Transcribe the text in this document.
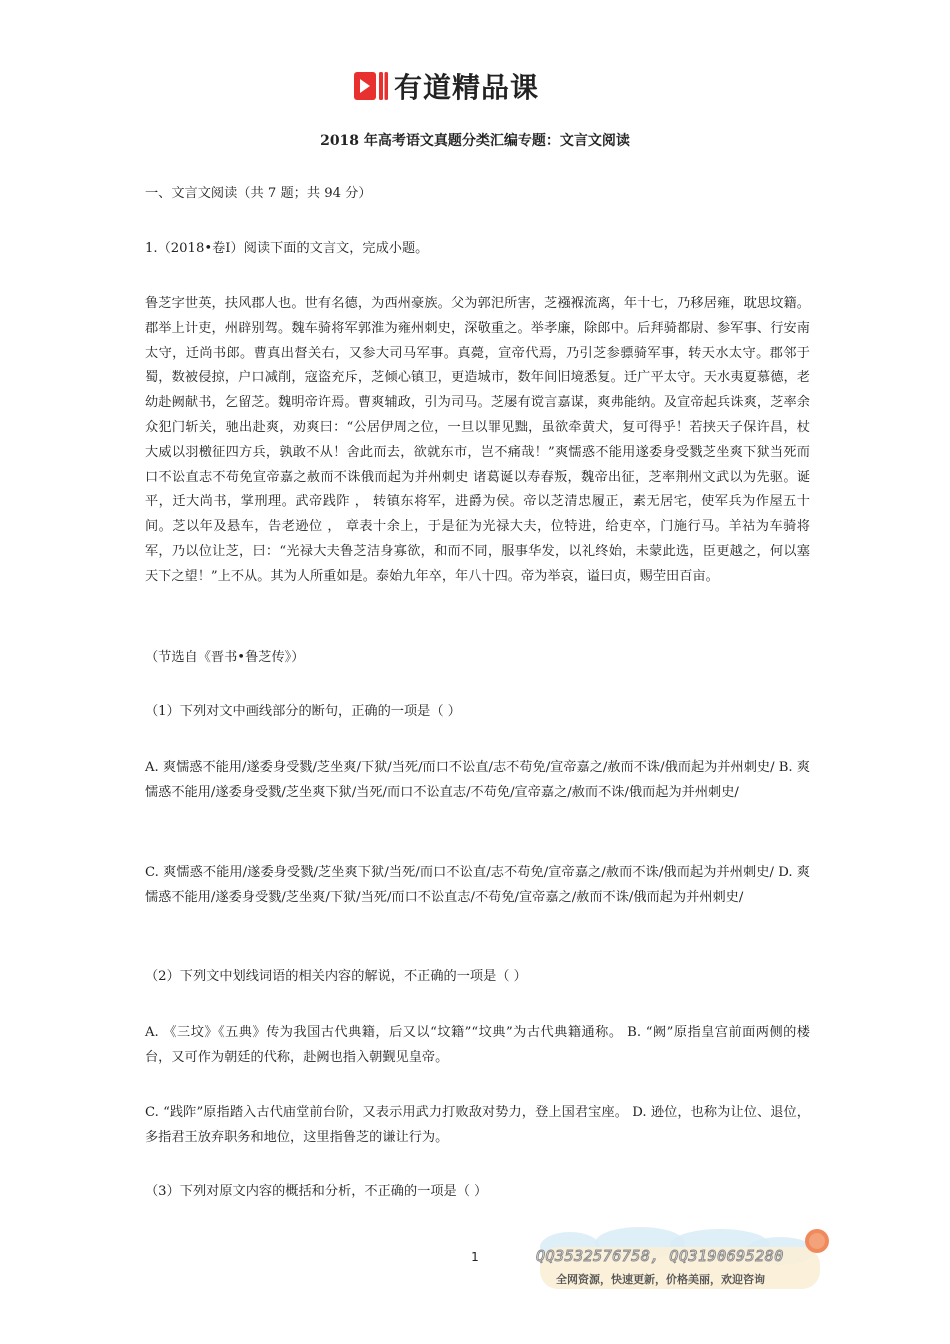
有道精品课
2018 年高考语文真题分类汇编专题：文言文阅读
一、文言文阅读（共 7 题；共 94 分）
1.（2018•卷Ⅰ）阅读下面的文言文，完成小题。
鲁芝字世英，扶风郡人也。世有名德，为西州豪族。父为郭汜所害，芝襁褓流离，年十七，乃移居雍，耽思坟籍。郡举上计吏，州辟别驾。魏车骑将军郭淮为雍州刺史，深敬重之。举孝廉，除郎中。后拜骑都尉、参军事、行安南太守，迁尚书郎。曹真出督关右，又参大司马军事。真薨，宣帝代焉，乃引芝参骠骑军事，转天水太守。郡邻于蜀，数被侵掠，户口减削，寇盗充斥，芝倾心镇卫，更造城市，数年间旧境悉复。迁广平太守。天水夷夏慕德，老幼赴阙献书，乞留芝。魏明帝许焉。曹爽辅政，引为司马。芝屡有谠言嘉谋，爽弗能纳。及宣帝起兵诛爽，芝率余众犯门斩关，驰出赴爽，劝爽曰：“公居伊周之位，一旦以罪见黜，虽欲牵黄犬，复可得乎！若挟天子保许昌，杖大威以羽檄征四方兵，孰敢不从！舍此而去，欲就东市，岂不痛哉！”爽懦惑不能用遂委身受戮芝坐爽下狱当死而口不讼直志不苟免宣帝嘉之赦而不诛俄而起为并州刺史 诸葛诞以寿春叛，魏帝出征，芝率荆州文武以为先驱。诞平，迁大尚书，掌刑理。武帝践阼 ， 转镇东将军，进爵为侯。帝以芝清忠履正，素无居宅，使军兵为作屋五十间。芝以年及悬车，告老逊位 ， 章表十余上，于是征为光禄大夫，位特进，给吏卒，门施行马。羊祜为车骑将军，乃以位让芝，曰：“光禄大夫鲁芝洁身寡欲，和而不同，服事华发，以礼终始，未蒙此选，臣更越之，何以塞天下之望！”上不从。其为人所重如是。泰始九年卒，年八十四。帝为举哀，谥曰贞，赐茔田百亩。
（节选自《晋书•鲁芝传》）
（1）下列对文中画线部分的断句，正确的一项是（ ）
A. 爽懦惑不能用/遂委身受戮/芝坐爽/下狱/当死/而口不讼直/志不苟免/宣帝嘉之/赦而不诛/俄而起为并州刺史/ B. 爽懦惑不能用/遂委身受戮/芝坐爽下狱/当死/而口不讼直志/不苟免/宣帝嘉之/赦而不诛/俄而起为并州刺史/
C. 爽懦惑不能用/遂委身受戮/芝坐爽下狱/当死/而口不讼直/志不苟免/宣帝嘉之/赦而不诛/俄而起为并州刺史/ D. 爽懦惑不能用/遂委身受戮/芝坐爽/下狱/当死/而口不讼直志/不苟免/宣帝嘉之/赦而不诛/俄而起为并州刺史/
（2）下列文中划线词语的相关内容的解说，不正确的一项是（ ）
A. 《三坟》《五典》传为我国古代典籍，后又以“坟籍”“坟典”为古代典籍通称。 B. “阙”原指皇宫前面两侧的楼台，又可作为朝廷的代称，赴阙也指入朝觐见皇帝。
C. “践阼”原指踏入古代庙堂前台阶，又表示用武力打败敌对势力，登上国君宝座。 D. 逊位，也称为让位、退位，多指君王放弃职务和地位，这里指鲁芝的谦让行为。
（3）下列对原文内容的概括和分析，不正确的一项是（ ）
1	QQ3532576758, QQ3190695280
全网资源，快速更新，价格美丽，欢迎咨询
